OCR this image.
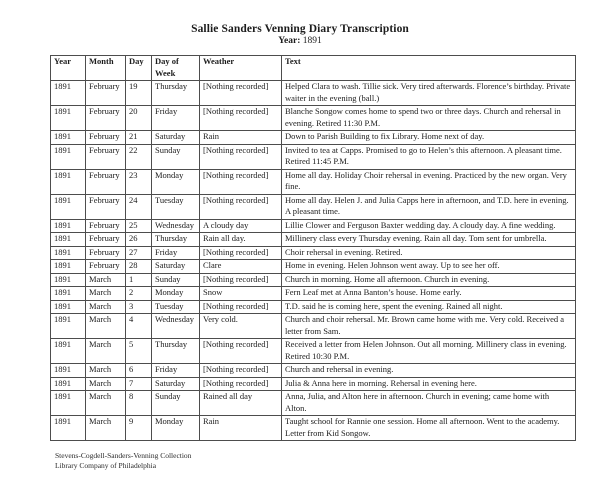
Sallie Sanders Venning Diary Transcription
Year: 1891
Year	Month	Day	Day of Week	Weather	Text
1891	February	19	Thursday	[Nothing recorded]	Helped Clara to wash. Tillie sick. Very tired afterwards. Florence’s birthday. Private waiter in the evening (ball.)
1891	February	20	Friday	[Nothing recorded]	Blanche Songow comes home to spend two or three days. Church and rehersal in evening. Retired 11:30 P.M.
1891	February	21	Saturday	Rain	Down to Parish Building to fix Library. Home next of day.
1891	February	22	Sunday	[Nothing recorded]	Invited to tea at Capps. Promised to go to Helen’s this afternoon. A pleasant time. Retired 11:45 P.M.
1891	February	23	Monday	[Nothing recorded]	Home all day. Holiday Choir rehersal in evening. Practiced by the new organ. Very fine.
1891	February	24	Tuesday	[Nothing recorded]	Home all day. Helen J. and Julia Capps here in afternoon, and T.D. here in evening. A pleasant time.
1891	February	25	Wednesday	A cloudy day	Lillie Clower and Ferguson Baxter wedding day. A cloudy day. A fine wedding.
1891	February	26	Thursday	Rain all day.	Millinery class every Thursday evening. Rain all day. Tom sent for umbrella.
1891	February	27	Friday	[Nothing recorded]	Choir rehersal in evening. Retired.
1891	February	28	Saturday	Clare	Home in evening. Helen Johnson went away. Up to see her off.
1891	March	1	Sunday	[Nothing recorded]	Church in morning. Home all afternoon. Church in evening.
1891	March	2	Monday	Snow	Fern Leaf met at Anna Banton’s house. Home early.
1891	March	3	Tuesday	[Nothing recorded]	T.D. said he is coming here, spent the evening. Rained all night.
1891	March	4	Wednesday	Very cold.	Church and choir rehersal. Mr. Brown came home with me. Very cold. Received a letter from Sam.
1891	March	5	Thursday	[Nothing recorded]	Received a letter from Helen Johnson. Out all morning. Millinery class in evening. Retired 10:30 P.M.
1891	March	6	Friday	[Nothing recorded]	Church and rehersal in evening.
1891	March	7	Saturday	[Nothing recorded]	Julia & Anna here in morning. Rehersal in evening here.
1891	March	8	Sunday	Rained all day	Anna, Julia, and Alton here in afternoon. Church in evening; came home with Alton.
1891	March	9	Monday	Rain	Taught school for Rannie one session. Home all afternoon. Went to the academy. Letter from Kid Songow.
Stevens-Cogdell-Sanders-Venning Collection
Library Company of Philadelphia
